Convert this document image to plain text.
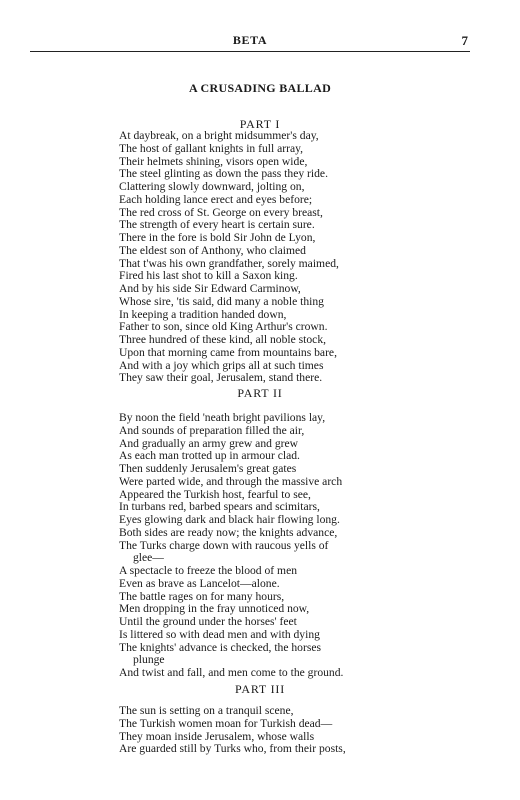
BETA	7
A CRUSADING BALLAD
PART I
At daybreak, on a bright midsummer's day,
The host of gallant knights in full array,
Their helmets shining, visors open wide,
The steel glinting as down the pass they ride.
Clattering slowly downward, jolting on,
Each holding lance erect and eyes before;
The red cross of St. George on every breast,
The strength of every heart is certain sure.
There in the fore is bold Sir John de Lyon,
The eldest son of Anthony, who claimed
That t'was his own grandfather, sorely maimed,
Fired his last shot to kill a Saxon king.
And by his side Sir Edward Carminow,
Whose sire, 'tis said, did many a noble thing
In keeping a tradition handed down,
Father to son, since old King Arthur's crown.
Three hundred of these kind, all noble stock,
Upon that morning came from mountains bare,
And with a joy which grips all at such times
They saw their goal, Jerusalem, stand there.
PART II
By noon the field 'neath bright pavilions lay,
And sounds of preparation filled the air,
And gradually an army grew and grew
As each man trotted up in armour clad.
Then suddenly Jerusalem's great gates
Were parted wide, and through the massive arch
Appeared the Turkish host, fearful to see,
In turbans red, barbed spears and scimitars,
Eyes glowing dark and black hair flowing long.
Both sides are ready now; the knights advance,
The Turks charge down with raucous yells of
glee—
A spectacle to freeze the blood of men
Even as brave as Lancelot—alone.
The battle rages on for many hours,
Men dropping in the fray unnoticed now,
Until the ground under the horses' feet
Is littered so with dead men and with dying
The knights' advance is checked, the horses
plunge
And twist and fall, and men come to the ground.
PART III
The sun is setting on a tranquil scene,
The Turkish women moan for Turkish dead—
They moan inside Jerusalem, whose walls
Are guarded still by Turks who, from their posts,
